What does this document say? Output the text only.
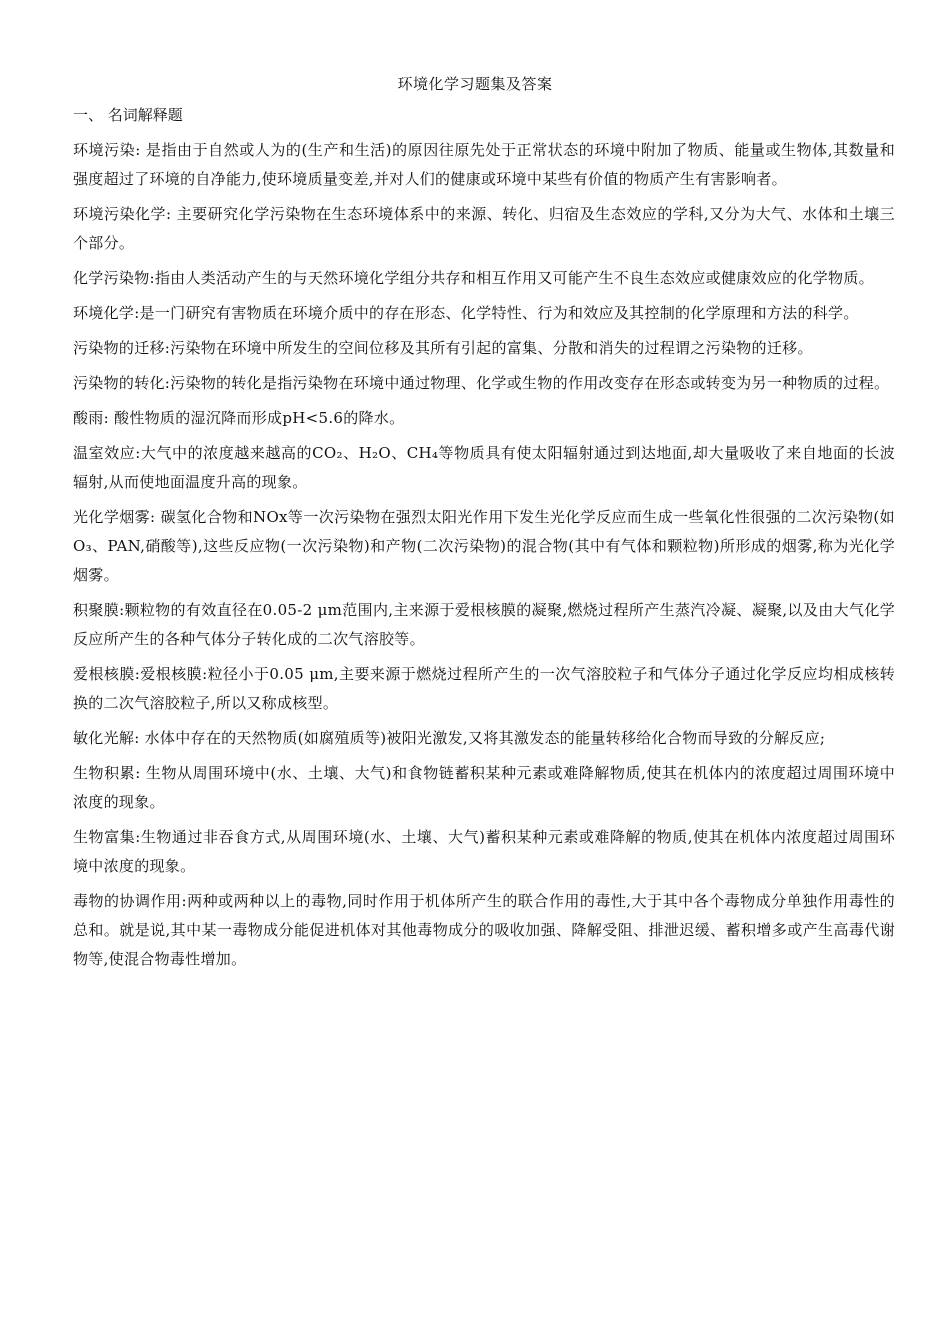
环境化学习题集及答案
一、 名词解释题

环境污染: 是指由于自然或人为的(生产和生活)的原因往原先处于正常状态的环境中附加了物质、能量或生物体,其数量和强度超过了环境的自净能力,使环境质量变差,并对人们的健康或环境中某些有价值的物质产生有害影响者。

环境污染化学: 主要研究化学污染物在生态环境体系中的来源、转化、归宿及生态效应的学科,又分为大气、水体和土壤三个部分。

化学污染物:指由人类活动产生的与天然环境化学组分共存和相互作用又可能产生不良生态效应或健康效应的化学物质。

环境化学:是一门研究有害物质在环境介质中的存在形态、化学特性、行为和效应及其控制的化学原理和方法的科学。

污染物的迁移:污染物在环境中所发生的空间位移及其所有引起的富集、分散和消失的过程谓之污染物的迁移。

污染物的转化:污染物的转化是指污染物在环境中通过物理、化学或生物的作用改变存在形态或转变为另一种物质的过程。

酸雨: 酸性物质的湿沉降而形成pH<5.6的降水。

温室效应:大气中的浓度越来越高的CO₂、H₂O、CH₄等物质具有使太阳辐射通过到达地面,却大量吸收了来自地面的长波辐射,从而使地面温度升高的现象。

光化学烟雾: 碳氢化合物和NOx等一次污染物在强烈太阳光作用下发生光化学反应而生成一些氧化性很强的二次污染物(如O₃、PAN,硝酸等),这些反应物(一次污染物)和产物(二次污染物)的混合物(其中有气体和颗粒物)所形成的烟雾,称为光化学烟雾。

积聚膜:颗粒物的有效直径在0.05-2 μm范围内,主来源于爱根核膜的凝聚,燃烧过程所产生蒸汽冷凝、凝聚,以及由大气化学反应所产生的各种气体分子转化成的二次气溶胶等。

爱根核膜:爱根核膜:粒径小于0.05 μm,主要来源于燃烧过程所产生的一次气溶胶粒子和气体分子通过化学反应均相成核转换的二次气溶胶粒子,所以又称成核型。

敏化光解: 水体中存在的天然物质(如腐殖质等)被阳光激发,又将其激发态的能量转移给化合物而导致的分解反应;

生物积累: 生物从周围环境中(水、土壤、大气)和食物链蓄积某种元素或难降解物质,使其在机体内的浓度超过周围环境中浓度的现象。

生物富集:生物通过非吞食方式,从周围环境(水、土壤、大气)蓄积某种元素或难降解的物质,使其在机体内浓度超过周围环境中浓度的现象。

毒物的协调作用:两种或两种以上的毒物,同时作用于机体所产生的联合作用的毒性,大于其中各个毒物成分单独作用毒性的总和。就是说,其中某一毒物成分能促进机体对其他毒物成分的吸收加强、降解受阻、排泄迟缓、蓄积增多或产生高毒代谢物等,使混合物毒性增加。
